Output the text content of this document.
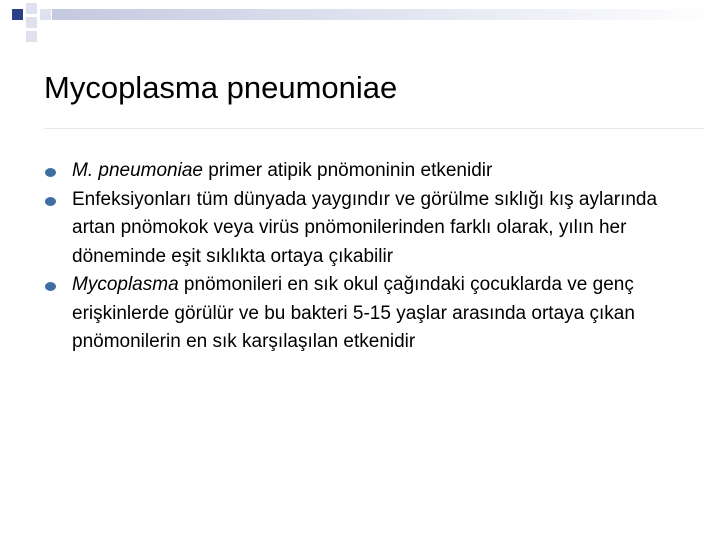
Mycoplasma pneumoniae
M. pneumoniae primer atipik pnömoninin etkenidir
Enfeksiyonları tüm dünyada yaygındır ve görülme sıklığı kış aylarında artan pnömokok veya virüs pnömonilerinden farklı olarak, yılın her döneminde eşit sıklıkta ortaya çıkabilir
Mycoplasma pnömonileri en sık okul çağındaki çocuklarda ve genç erişkinlerde görülür ve bu bakteri 5-15 yaşlar arasında ortaya çıkan pnömonilerin en sık karşılaşılan etkenidir
